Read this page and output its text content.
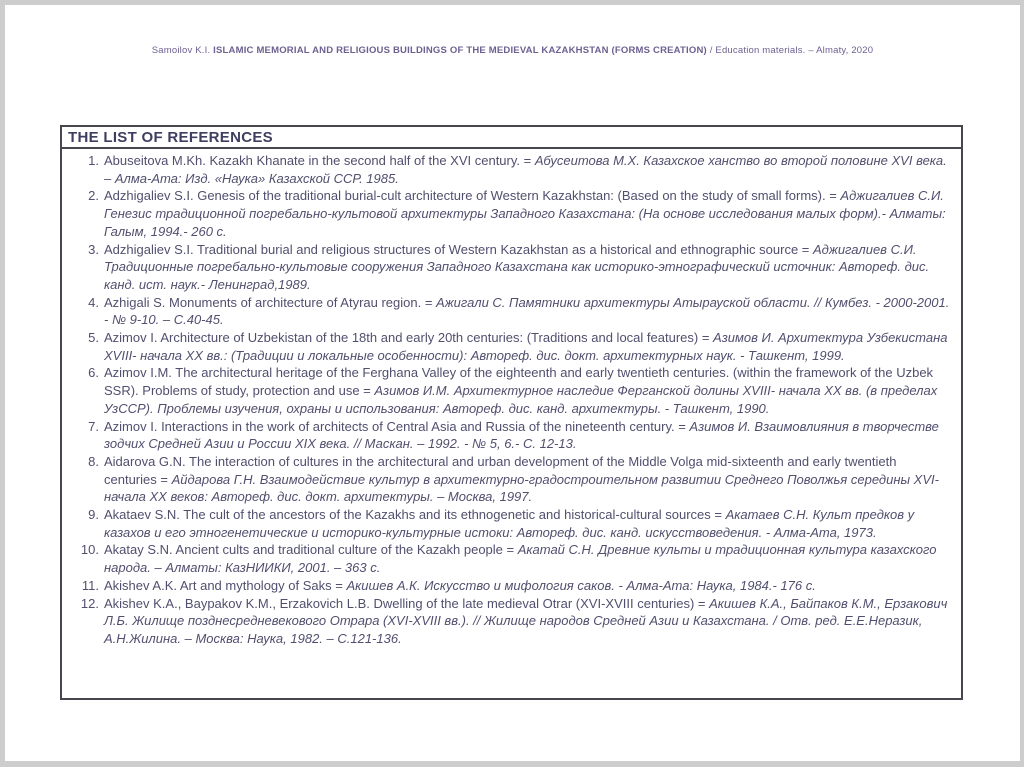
Samoilov K.I. ISLAMIC MEMORIAL AND RELIGIOUS BUILDINGS OF THE MEDIEVAL KAZAKHSTAN (FORMS CREATION) / Education materials. – Almaty, 2020
THE LIST OF REFERENCES
1. Abuseitova M.Kh. Kazakh Khanate in the second half of the XVI century. = Абусеитова М.Х. Казахское ханство во второй половине XVI века. – Алма-Ата: Изд. «Наука» Казахской ССР. 1985.
2. Adzhigaliev S.I. Genesis of the traditional burial-cult architecture of Western Kazakhstan: (Based on the study of small forms). = Аджигалиев С.И. Генезис традиционной погребально-культовой архитектуры Западного Казахстана: (На основе исследования малых форм).- Алматы: Галым, 1994.- 260 с.
3. Adzhigaliev S.I. Traditional burial and religious structures of Western Kazakhstan as a historical and ethnographic source = Аджигалиев С.И. Традиционные погребально-культовые сооружения Западного Казахстана как историко-этнографический источник: Автореф. дис. канд. ист. наук.- Ленинград,1989.
4. Azhigali S. Monuments of architecture of Atyrau region. = Ажигали С. Памятники архитектуры Атырауской области. // Кумбез. - 2000-2001. - № 9-10. – С.40-45.
5. Azimov I. Architecture of Uzbekistan of the 18th and early 20th centuries: (Traditions and local features) = Азимов И. Архитектура Узбекистана XVIII- начала XX вв.: (Традиции и локальные особенности): Автореф. дис. докт. архитектурных наук. - Ташкент, 1999.
6. Azimov I.M. The architectural heritage of the Ferghana Valley of the eighteenth and early twentieth centuries. (within the framework of the Uzbek SSR). Problems of study, protection and use = Азимов И.М. Архитектурное наследие Ферганской долины XVIII- начала XX вв. (в пределах УзССР). Проблемы изучения, охраны и использования: Автореф. дис. канд. архитектуры. - Ташкент, 1990.
7. Azimov I. Interactions in the work of architects of Central Asia and Russia of the nineteenth century. = Азимов И. Взаимовлияния в творчестве зодчих Средней Азии и России XIX века. // Маскан. – 1992. - № 5, 6.- С. 12-13.
8. Aidarova G.N. The interaction of cultures in the architectural and urban development of the Middle Volga mid-sixteenth and early twentieth centuries = Айдарова Г.Н. Взаимодействие культур в архитектурно-градостроительном развитии Среднего Поволжья середины XVI- начала XX веков: Автореф. дис. докт. архитектуры. – Москва, 1997.
9. Akataev S.N. The cult of the ancestors of the Kazakhs and its ethnogenetic and historical-cultural sources = Акатаев С.Н. Культ предков у казахов и его этногенетические и историко-культурные истоки: Автореф. дис. канд. искусствоведения. - Алма-Ата, 1973.
10. Akatay S.N. Ancient cults and traditional culture of the Kazakh people = Акатай С.Н. Древние культы и традиционная культура казахского народа. – Алматы: КазНИИКИ, 2001. – 363 с.
11. Akishev A.K. Art and mythology of Saks = Акишев А.К. Искусство и мифология саков. - Алма-Ата: Наука, 1984.- 176 с.
12. Akishev K.A., Baypakov K.M., Erzakovich L.B. Dwelling of the late medieval Otrar (XVI-XVIII centuries) = Акишев К.А., Байпаков К.М., Ерзакович Л.Б. Жилище позднесредневекового Отрара (XVI-XVIII вв.). // Жилище народов Средней Азии и Казахстана. / Отв. ред. Е.Е.Неразик, А.Н.Жилина. – Москва: Наука, 1982. – С.121-136.
